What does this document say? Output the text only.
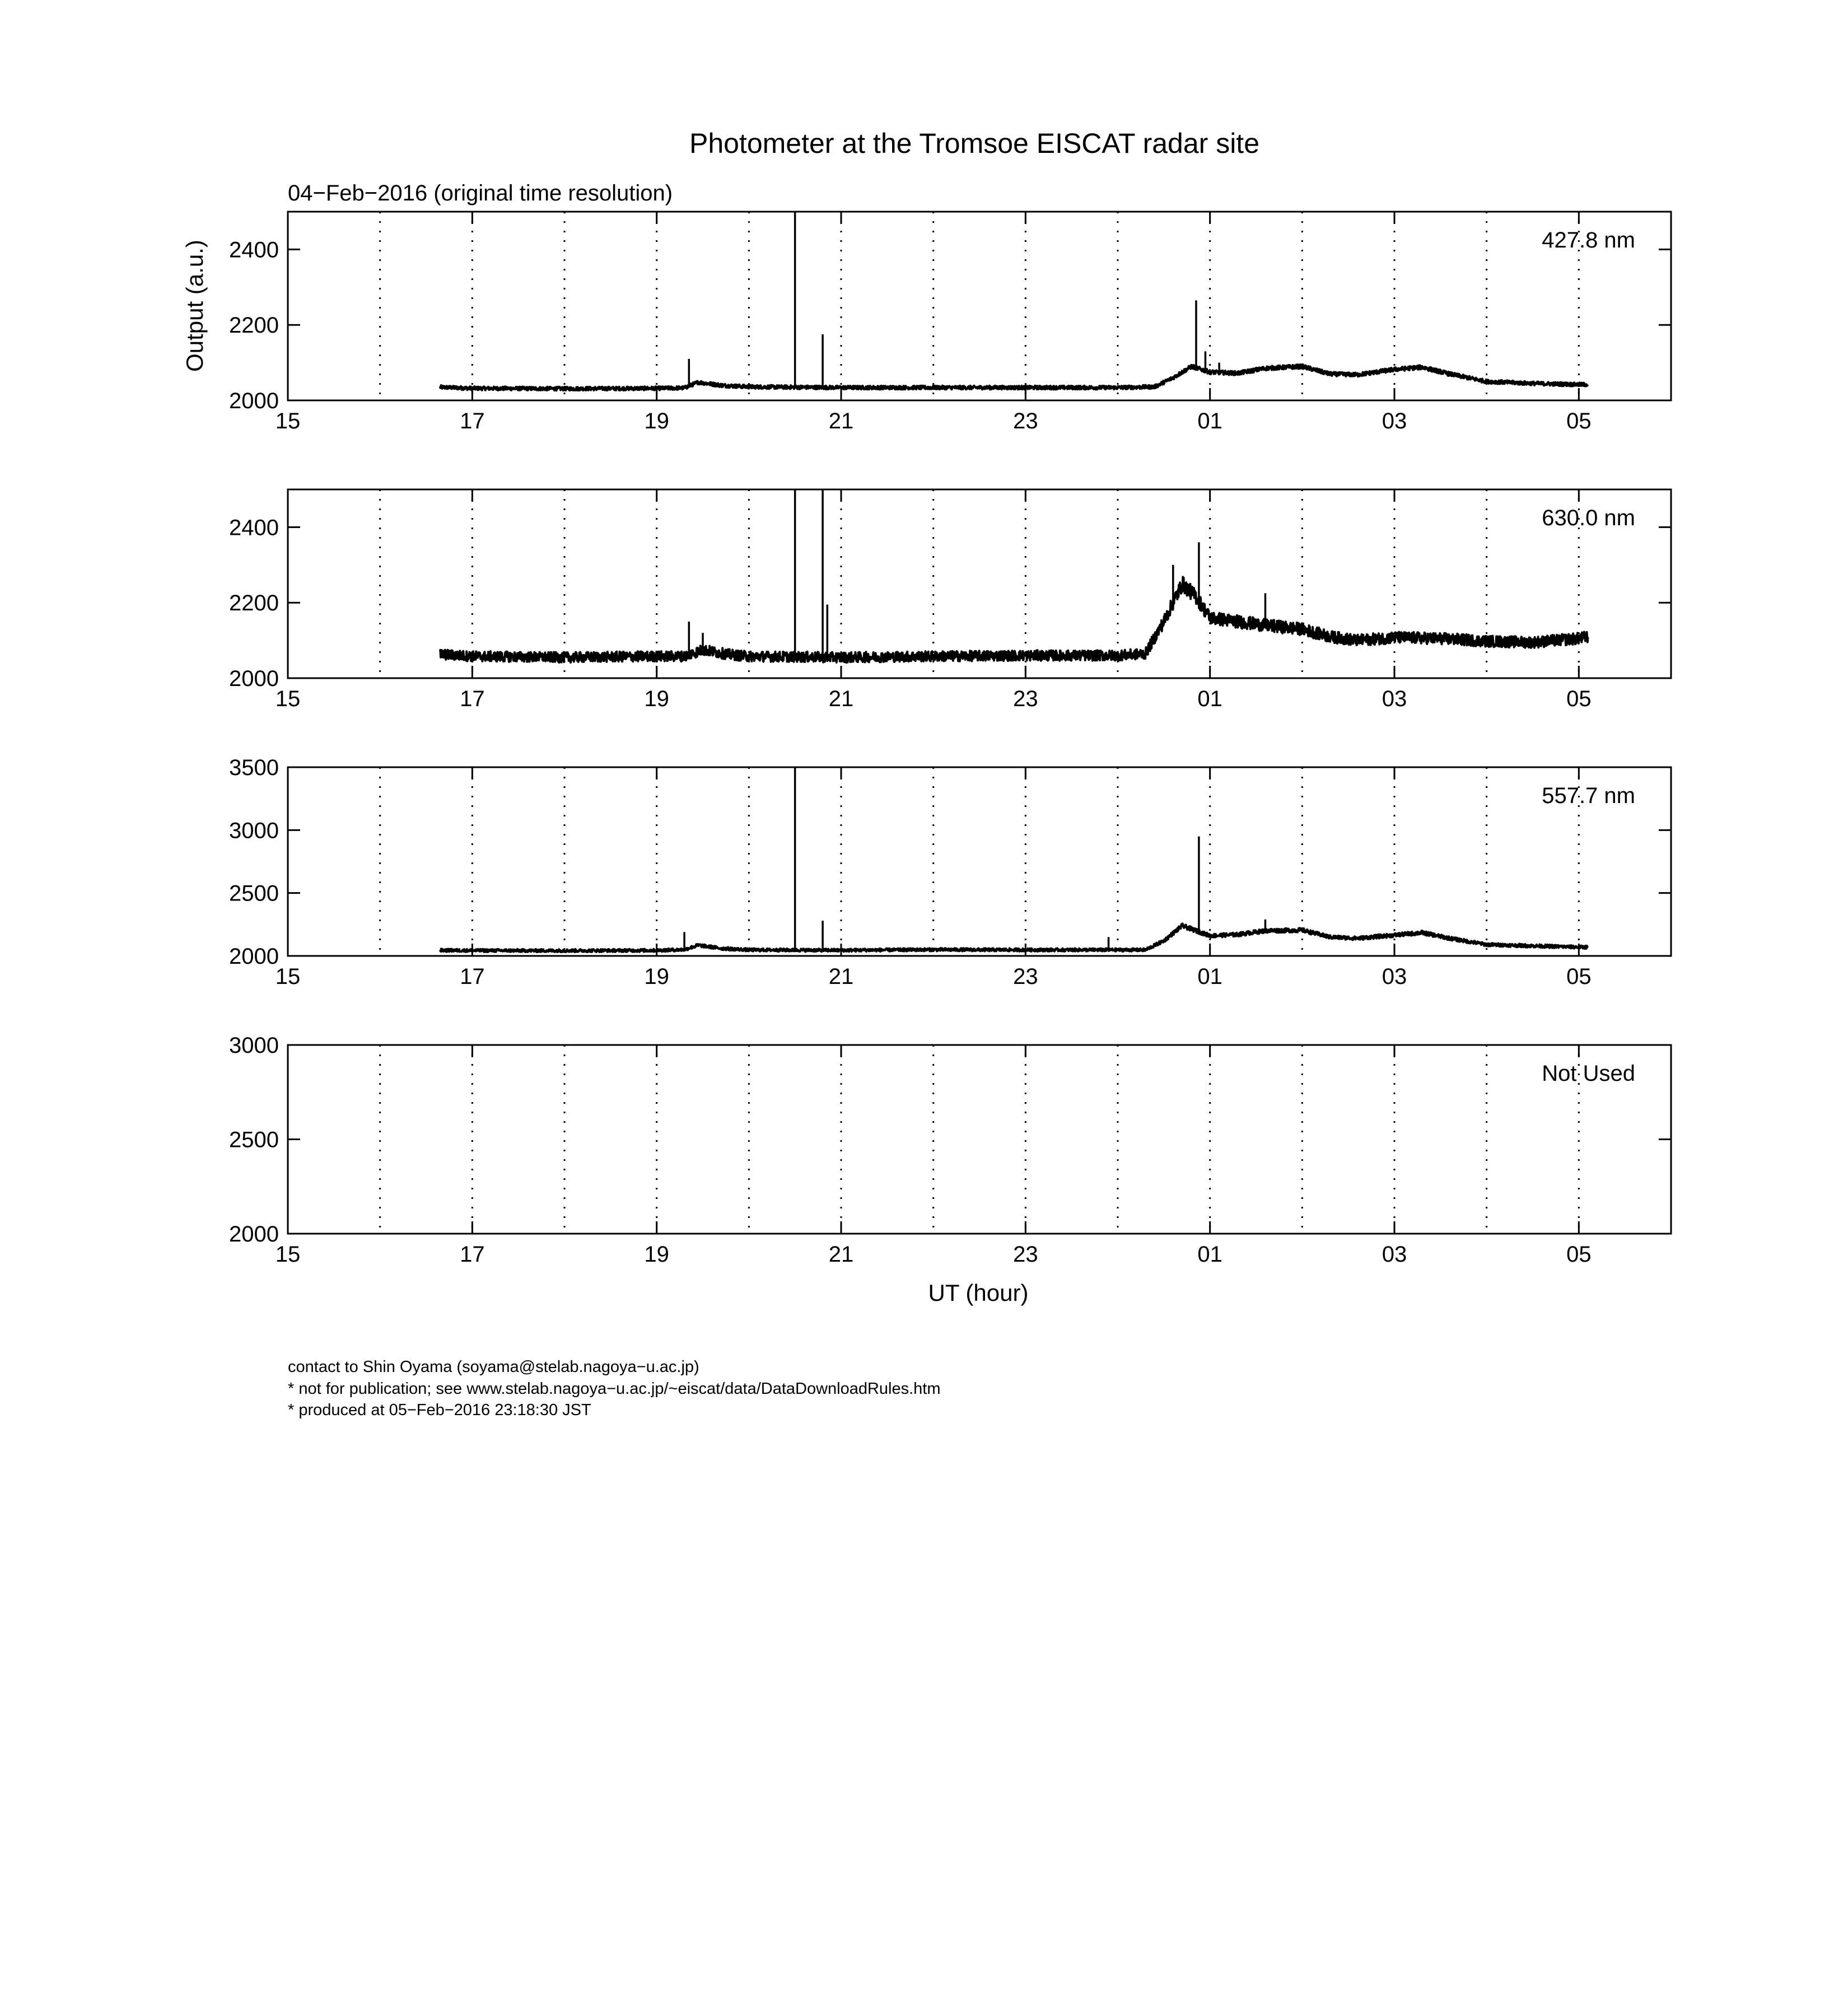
Photometer at the Tromsoe EISCAT radar site
04−Feb−2016 (original time resolution)
Output (a.u.)
UT (hour)
2000
2200
2400
15	17	19	21	23	01	03	05
427.8 nm
2000
2200
2400
15	17	19	21	23	01	03	05
630.0 nm
2000
2500
3000
3500
15	17	19	21	23	01	03	05
557.7 nm
2000
2500
3000
15	17	19	21	23	01	03	05
Not Used
contact to Shin Oyama (soyama@stelab.nagoya−u.ac.jp)
* not for publication; see www.stelab.nagoya−u.ac.jp/~eiscat/data/DataDownloadRules.htm
* produced at 05−Feb−2016 23:18:30 JST
